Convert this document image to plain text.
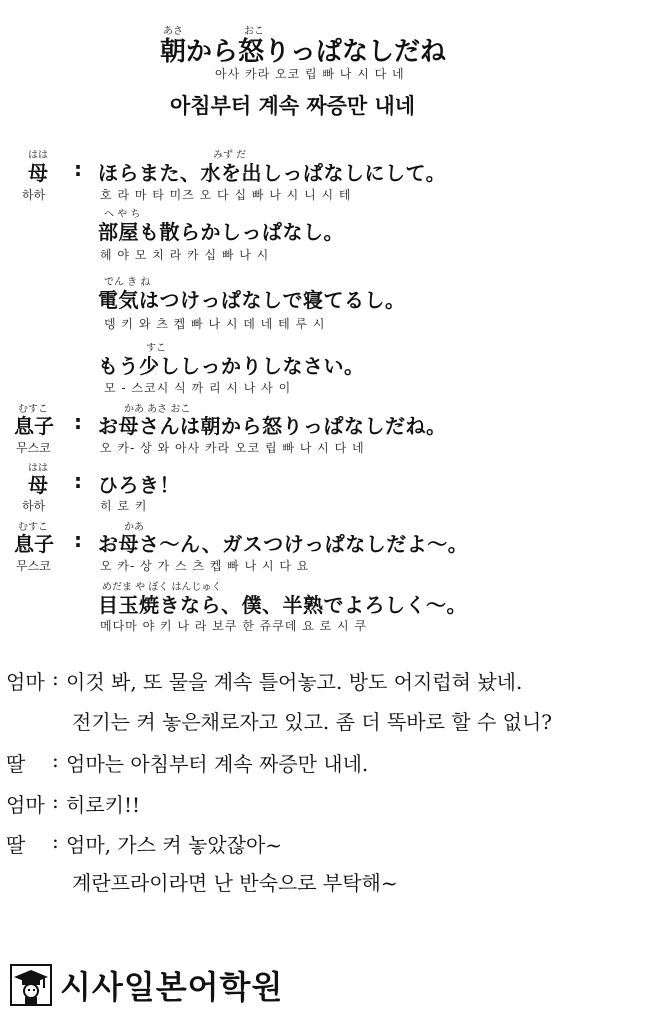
あさ	おこ
朝から怒りっぱなしだね
아사 카라 오코 립 빠 나 시 다 네
아침부터 계속 짜증만 내네
はは
母 :
하하
みず だ
ほらまた、水を出しっぱなしにして。
호 라 마 타 미즈 오 다 십 빠 나 시 니 시 테
へ や ち
部屋も散らかしっぱなし。
헤 야 모 치 라 카 십 빠 나 시
でん き ね
電気はつけっぱなしで寝てるし。
뎅 키 와 츠 켑 빠 나 시 데 네 테 루 시
すこ
もう少ししっかりしなさい。
모 - 스코시 식 까 리 시 나 사 이
むすこ
息子 :
무스코
かあ あさ おこ
お母さんは朝から怒りっぱなしだね。
오 카- 상 와 아사 카라 오코 립 빠 나 시 다 네
はは
母 :
하하
ひろき！
히 로 키
むすこ
息子 :
무스코
かあ
お母さ～ん、ガスつけっぱなしだよ～。
오 카- 상 가 스 츠 켑 빠 나 시 다 요
めだま や ぼく はんじゅく
目玉焼きなら、僕、半熟でよろしく～。
메다마 야 키 나 라 보쿠 한 쥬쿠데 요 로 시 쿠
엄마 : 이것 봐, 또 물을 계속 틀어놓고. 방도 어지럽혀 놨네.
전기는 켜 놓은채로자고 있고. 좀 더 똑바로 할 수 없니?
딸 : 엄마는 아침부터 계속 짜증만 내네.
엄마 : 히로키!!
딸 : 엄마, 가스 켜 놓았잖아~
계란프라이라면 난 반숙으로 부탁해~
시사일본어학원
